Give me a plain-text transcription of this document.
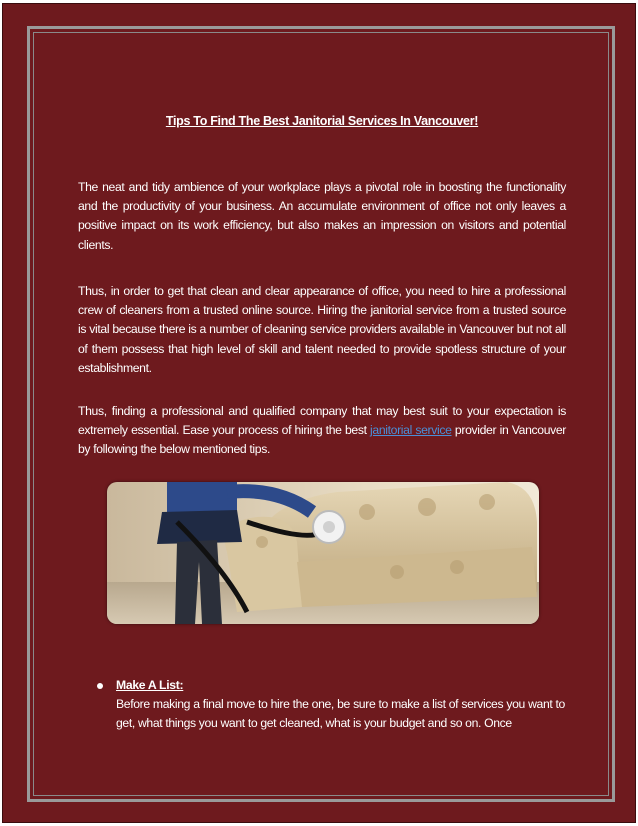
Tips To Find The Best Janitorial Services In Vancouver!

The neat and tidy ambience of your workplace plays a pivotal role in boosting the functionality and the productivity of your business. An accumulate environment of office not only leaves a positive impact on its work efficiency, but also makes an impression on visitors and potential clients.

Thus, in order to get that clean and clear appearance of office, you need to hire a professional crew of cleaners from a trusted online source. Hiring the janitorial service from a trusted source is vital because there is a number of cleaning service providers available in Vancouver but not all of them possess that high level of skill and talent needed to provide spotless structure of your establishment.

Thus, finding a professional and qualified company that may best suit to your expectation is extremely essential. Ease your process of hiring the best janitorial service provider in Vancouver by following the below mentioned tips.

Make A List:

Before making a final move to hire the one, be sure to make a list of services you want to get, what things you want to get cleaned, what is your budget and so on. Once
